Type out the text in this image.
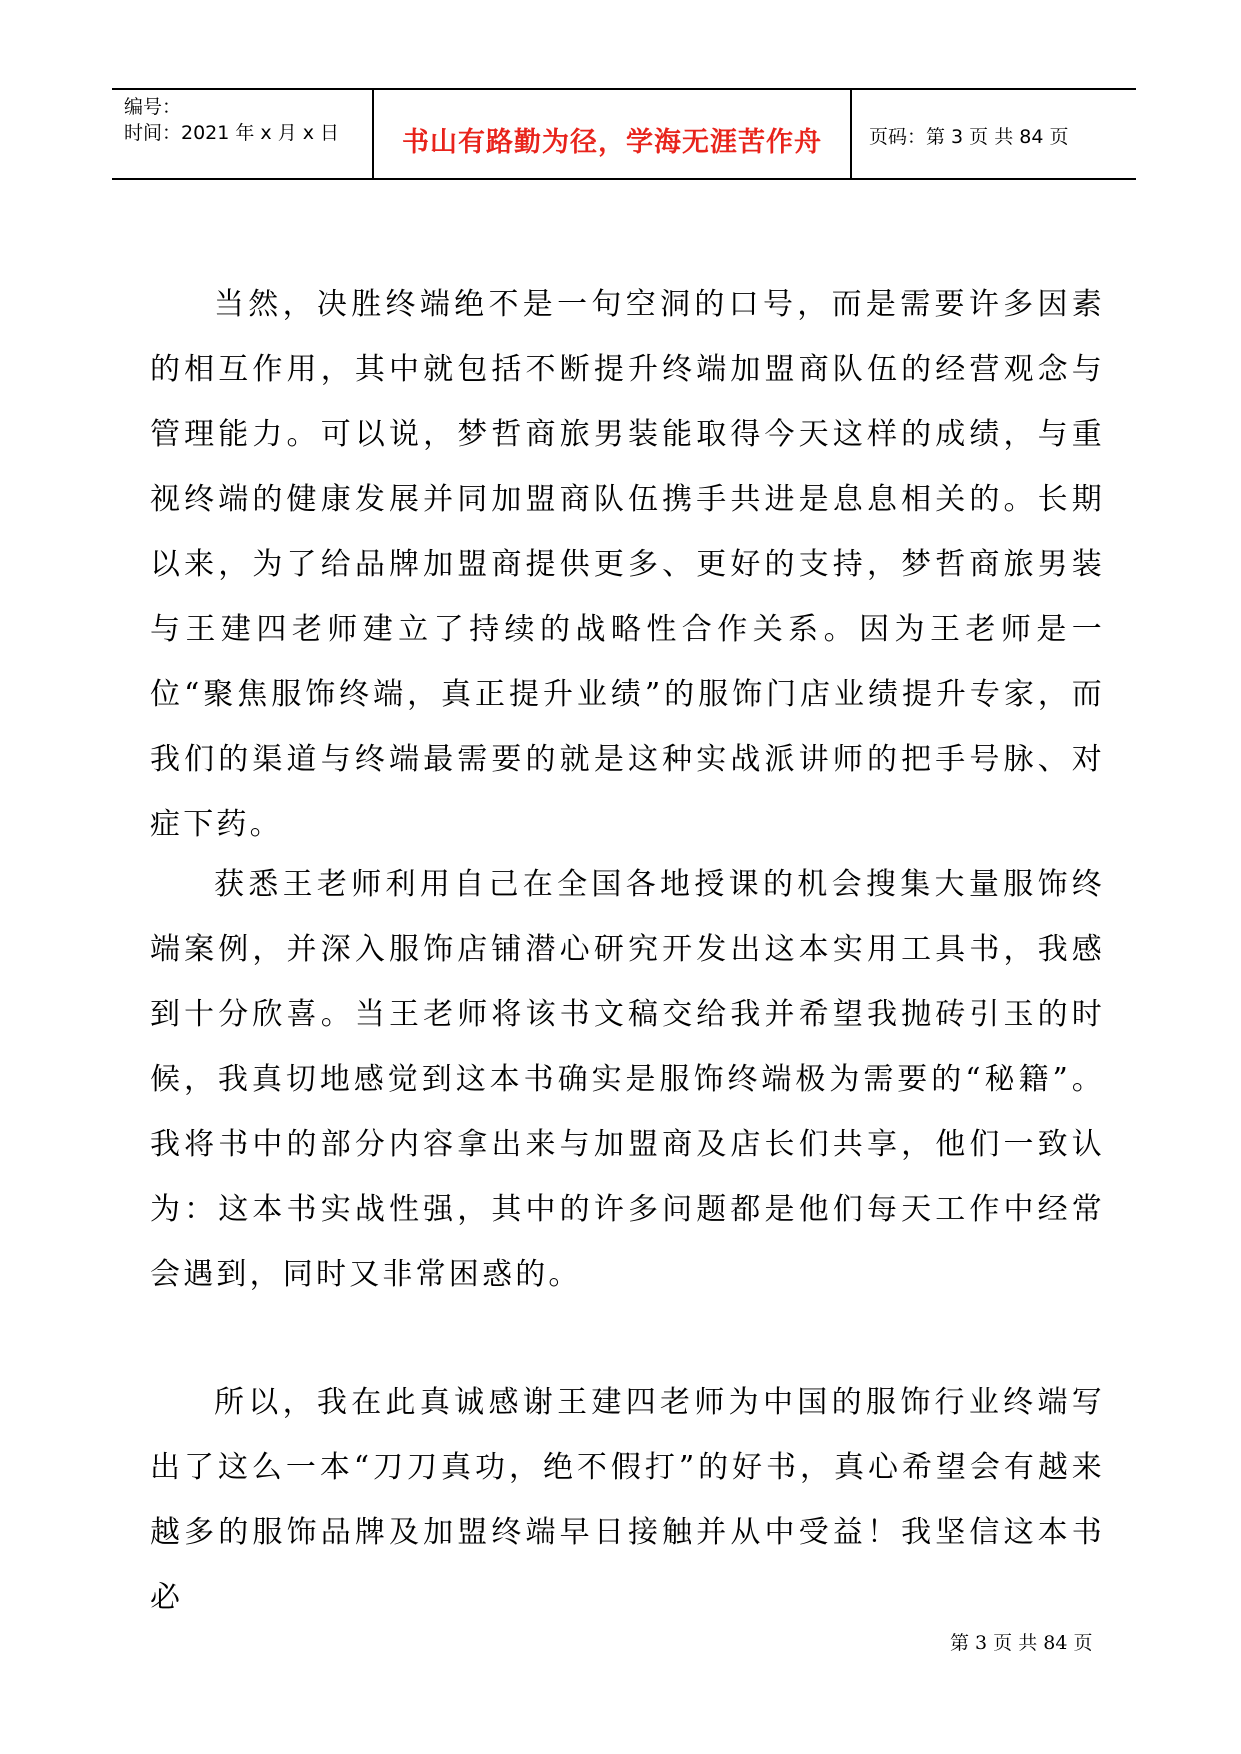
编号：
时间：2021 年 x 月 x 日	书山有路勤为径，学海无涯苦作舟	页码：第 3 页 共 84 页

当然，决胜终端绝不是一句空洞的口号，而是需要许多因素的相互作用，其中就包括不断提升终端加盟商队伍的经营观念与管理能力。可以说，梦哲商旅男装能取得今天这样的成绩，与重视终端的健康发展并同加盟商队伍携手共进是息息相关的。长期以来，为了给品牌加盟商提供更多、更好的支持，梦哲商旅男装与王建四老师建立了持续的战略性合作关系。因为王老师是一位“聚焦服饰终端，真正提升业绩”的服饰门店业绩提升专家，而我们的渠道与终端最需要的就是这种实战派讲师的把手号脉、对症下药。

获悉王老师利用自己在全国各地授课的机会搜集大量服饰终端案例，并深入服饰店铺潜心研究开发出这本实用工具书，我感到十分欣喜。当王老师将该书文稿交给我并希望我抛砖引玉的时候，我真切地感觉到这本书确实是服饰终端极为需要的“秘籍”。我将书中的部分内容拿出来与加盟商及店长们共享，他们一致认为：这本书实战性强，其中的许多问题都是他们每天工作中经常会遇到，同时又非常困惑的。

所以，我在此真诚感谢王建四老师为中国的服饰行业终端写出了这么一本“刀刀真功，绝不假打”的好书，真心希望会有越来越多的服饰品牌及加盟终端早日接触并从中受益！我坚信这本书必

第 3 页 共 84 页
